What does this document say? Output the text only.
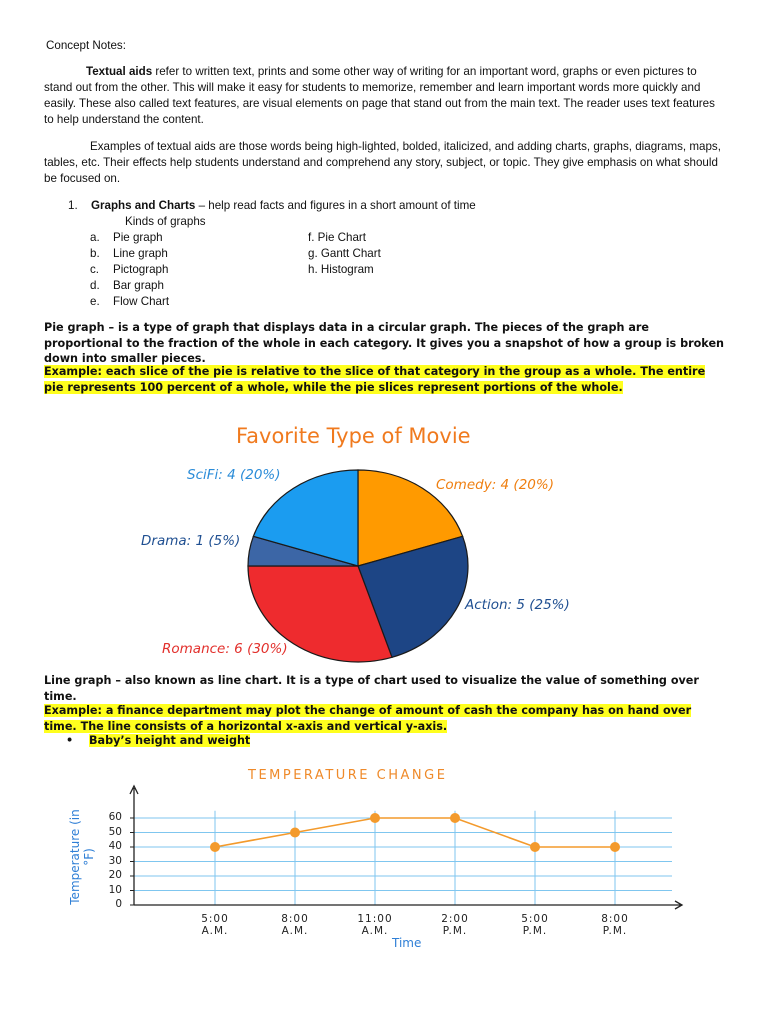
Concept Notes:
Textual aids refer to written text, prints and some other way of writing for an important word, graphs or even pictures to stand out from the other. This will make it easy for students to memorize, remember and learn important words more quickly and easily. These also called text features, are visual elements on page that stand out from the main text. The reader uses text features to help understand the content.
Examples of textual aids are those words being high-lighted, bolded, italicized, and adding charts, graphs, diagrams, maps, tables, etc. Their effects help students understand and comprehend any story, subject, or topic. They give emphasis on what should be focused on.
1. Graphs and Charts – help read facts and figures in a short amount of time
Kinds of graphs
a. Pie graph
b. Line graph
c. Pictograph
d. Bar graph
e. Flow Chart
f. Pie Chart
g. Gantt Chart
h. Histogram
Pie graph – is a type of graph that displays data in a circular graph. The pieces of the graph are proportional to the fraction of the whole in each category. It gives you a snapshot of how a group is broken down into smaller pieces.
Example: each slice of the pie is relative to the slice of that category in the group as a whole. The entire pie represents 100 percent of a whole, while the pie slices represent portions of the whole.
Favorite Type of Movie
Comedy: 4 (20%)
Action: 5 (25%)
Romance: 6 (30%)
Drama: 1 (5%)
SciFi: 4 (20%)
Line graph – also known as line chart. It is a type of chart used to visualize the value of something over time.
Example: a finance department may plot the change of amount of cash the company has on hand over time. The line consists of a horizontal x-axis and vertical y-axis.
•	Baby’s height and weight
TEMPERATURE CHANGE
Temperature (in °F)
Time
0
10
20
30
40
50
60
5:00
A.M.
8:00
A.M.
11:00
A.M.
2:00
P.M.
5:00
P.M.
8:00
P.M.
